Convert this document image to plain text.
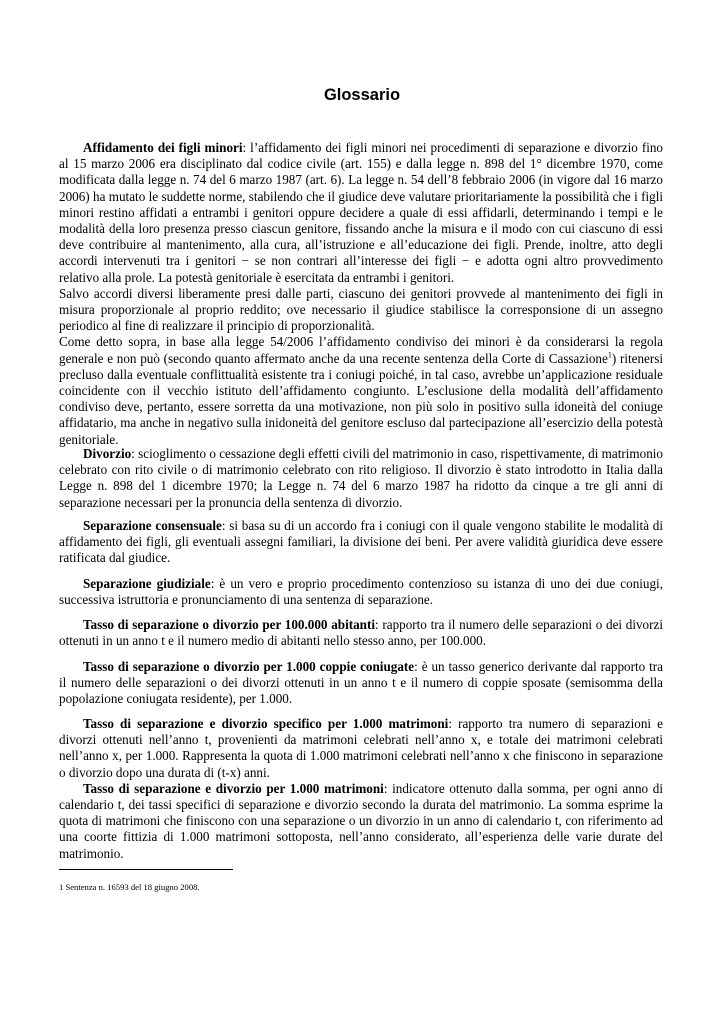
Glossario

Affidamento dei figli minori: l’affidamento dei figli minori nei procedimenti di separazione e divorzio fino al 15 marzo 2006 era disciplinato dal codice civile (art. 155) e dalla legge n. 898 del 1° dicembre 1970, come modificata dalla legge n. 74 del 6 marzo 1987 (art. 6). La legge n. 54 dell’8 febbraio 2006 (in vigore dal 16 marzo 2006) ha mutato le suddette norme, stabilendo che il giudice deve valutare prioritariamente la possibilità che i figli minori restino affidati a entrambi i genitori oppure decidere a quale di essi affidarli, determinando i tempi e le modalità della loro presenza presso ciascun genitore, fissando anche la misura e il modo con cui ciascuno di essi deve contribuire al mantenimento, alla cura, all’istruzione e all’educazione dei figli. Prende, inoltre, atto degli accordi intervenuti tra i genitori − se non contrari all’interesse dei figli − e adotta ogni altro provvedimento relativo alla prole. La potestà genitoriale è esercitata da entrambi i genitori.

Salvo accordi diversi liberamente presi dalle parti, ciascuno dei genitori provvede al mantenimento dei figli in misura proporzionale al proprio reddito; ove necessario il giudice stabilisce la corresponsione di un assegno periodico al fine di realizzare il principio di proporzionalità.

Come detto sopra, in base alla legge 54/2006 l’affidamento condiviso dei minori è da considerarsi la regola generale e non può (secondo quanto affermato anche da una recente sentenza della Corte di Cassazione$^1$) ritenersi precluso dalla eventuale conflittualità esistente tra i coniugi poiché, in tal caso, avrebbe un’applicazione residuale coincidente con il vecchio istituto dell’affidamento congiunto. L’esclusione della modalità dell’affidamento condiviso deve, pertanto, essere sorretta da una motivazione, non più solo in positivo sulla idoneità del coniuge affidatario, ma anche in negativo sulla inidoneità del genitore escluso dal partecipazione all’esercizio della potestà genitoriale.

Divorzio: scioglimento o cessazione degli effetti civili del matrimonio in caso, rispettivamente, di matrimonio celebrato con rito civile o di matrimonio celebrato con rito religioso. Il divorzio è stato introdotto in Italia dalla Legge n. 898 del 1 dicembre 1970; la Legge n. 74 del 6 marzo 1987 ha ridotto da cinque a tre gli anni di separazione necessari per la pronuncia della sentenza di divorzio.

Separazione consensuale: si basa su di un accordo fra i coniugi con il quale vengono stabilite le modalità di affidamento dei figli, gli eventuali assegni familiari, la divisione dei beni. Per avere validità giuridica deve essere ratificata dal giudice.

Separazione giudiziale: è un vero e proprio procedimento contenzioso su istanza di uno dei due coniugi, successiva istruttoria e pronunciamento di una sentenza di separazione.

Tasso di separazione o divorzio per 100.000 abitanti: rapporto tra il numero delle separazioni o dei divorzi ottenuti in un anno t e il numero medio di abitanti nello stesso anno, per 100.000.

Tasso di separazione o divorzio per 1.000 coppie coniugate: è un tasso generico derivante dal rapporto tra il numero delle separazioni o dei divorzi ottenuti in un anno t e il numero di coppie sposate (semisomma della popolazione coniugata residente), per 1.000.

Tasso di separazione e divorzio specifico per 1.000 matrimoni: rapporto tra numero di separazioni e divorzi ottenuti nell’anno t, provenienti da matrimoni celebrati nell’anno x, e totale dei matrimoni celebrati nell’anno x, per 1.000. Rappresenta la quota di 1.000 matrimoni celebrati nell’anno x che finiscono in separazione o divorzio dopo una durata di (t-x) anni.

Tasso di separazione e divorzio per 1.000 matrimoni: indicatore ottenuto dalla somma, per ogni anno di calendario t, dei tassi specifici di separazione e divorzio secondo la durata del matrimonio. La somma esprime la quota di matrimoni che finiscono con una separazione o un divorzio in un anno di calendario t, con riferimento ad una coorte fittizia di 1.000 matrimoni sottoposta, nell’anno considerato, all’esperienza delle varie durate del matrimonio.

1 Sentenza n. 16593 del 18 giugno 2008.
